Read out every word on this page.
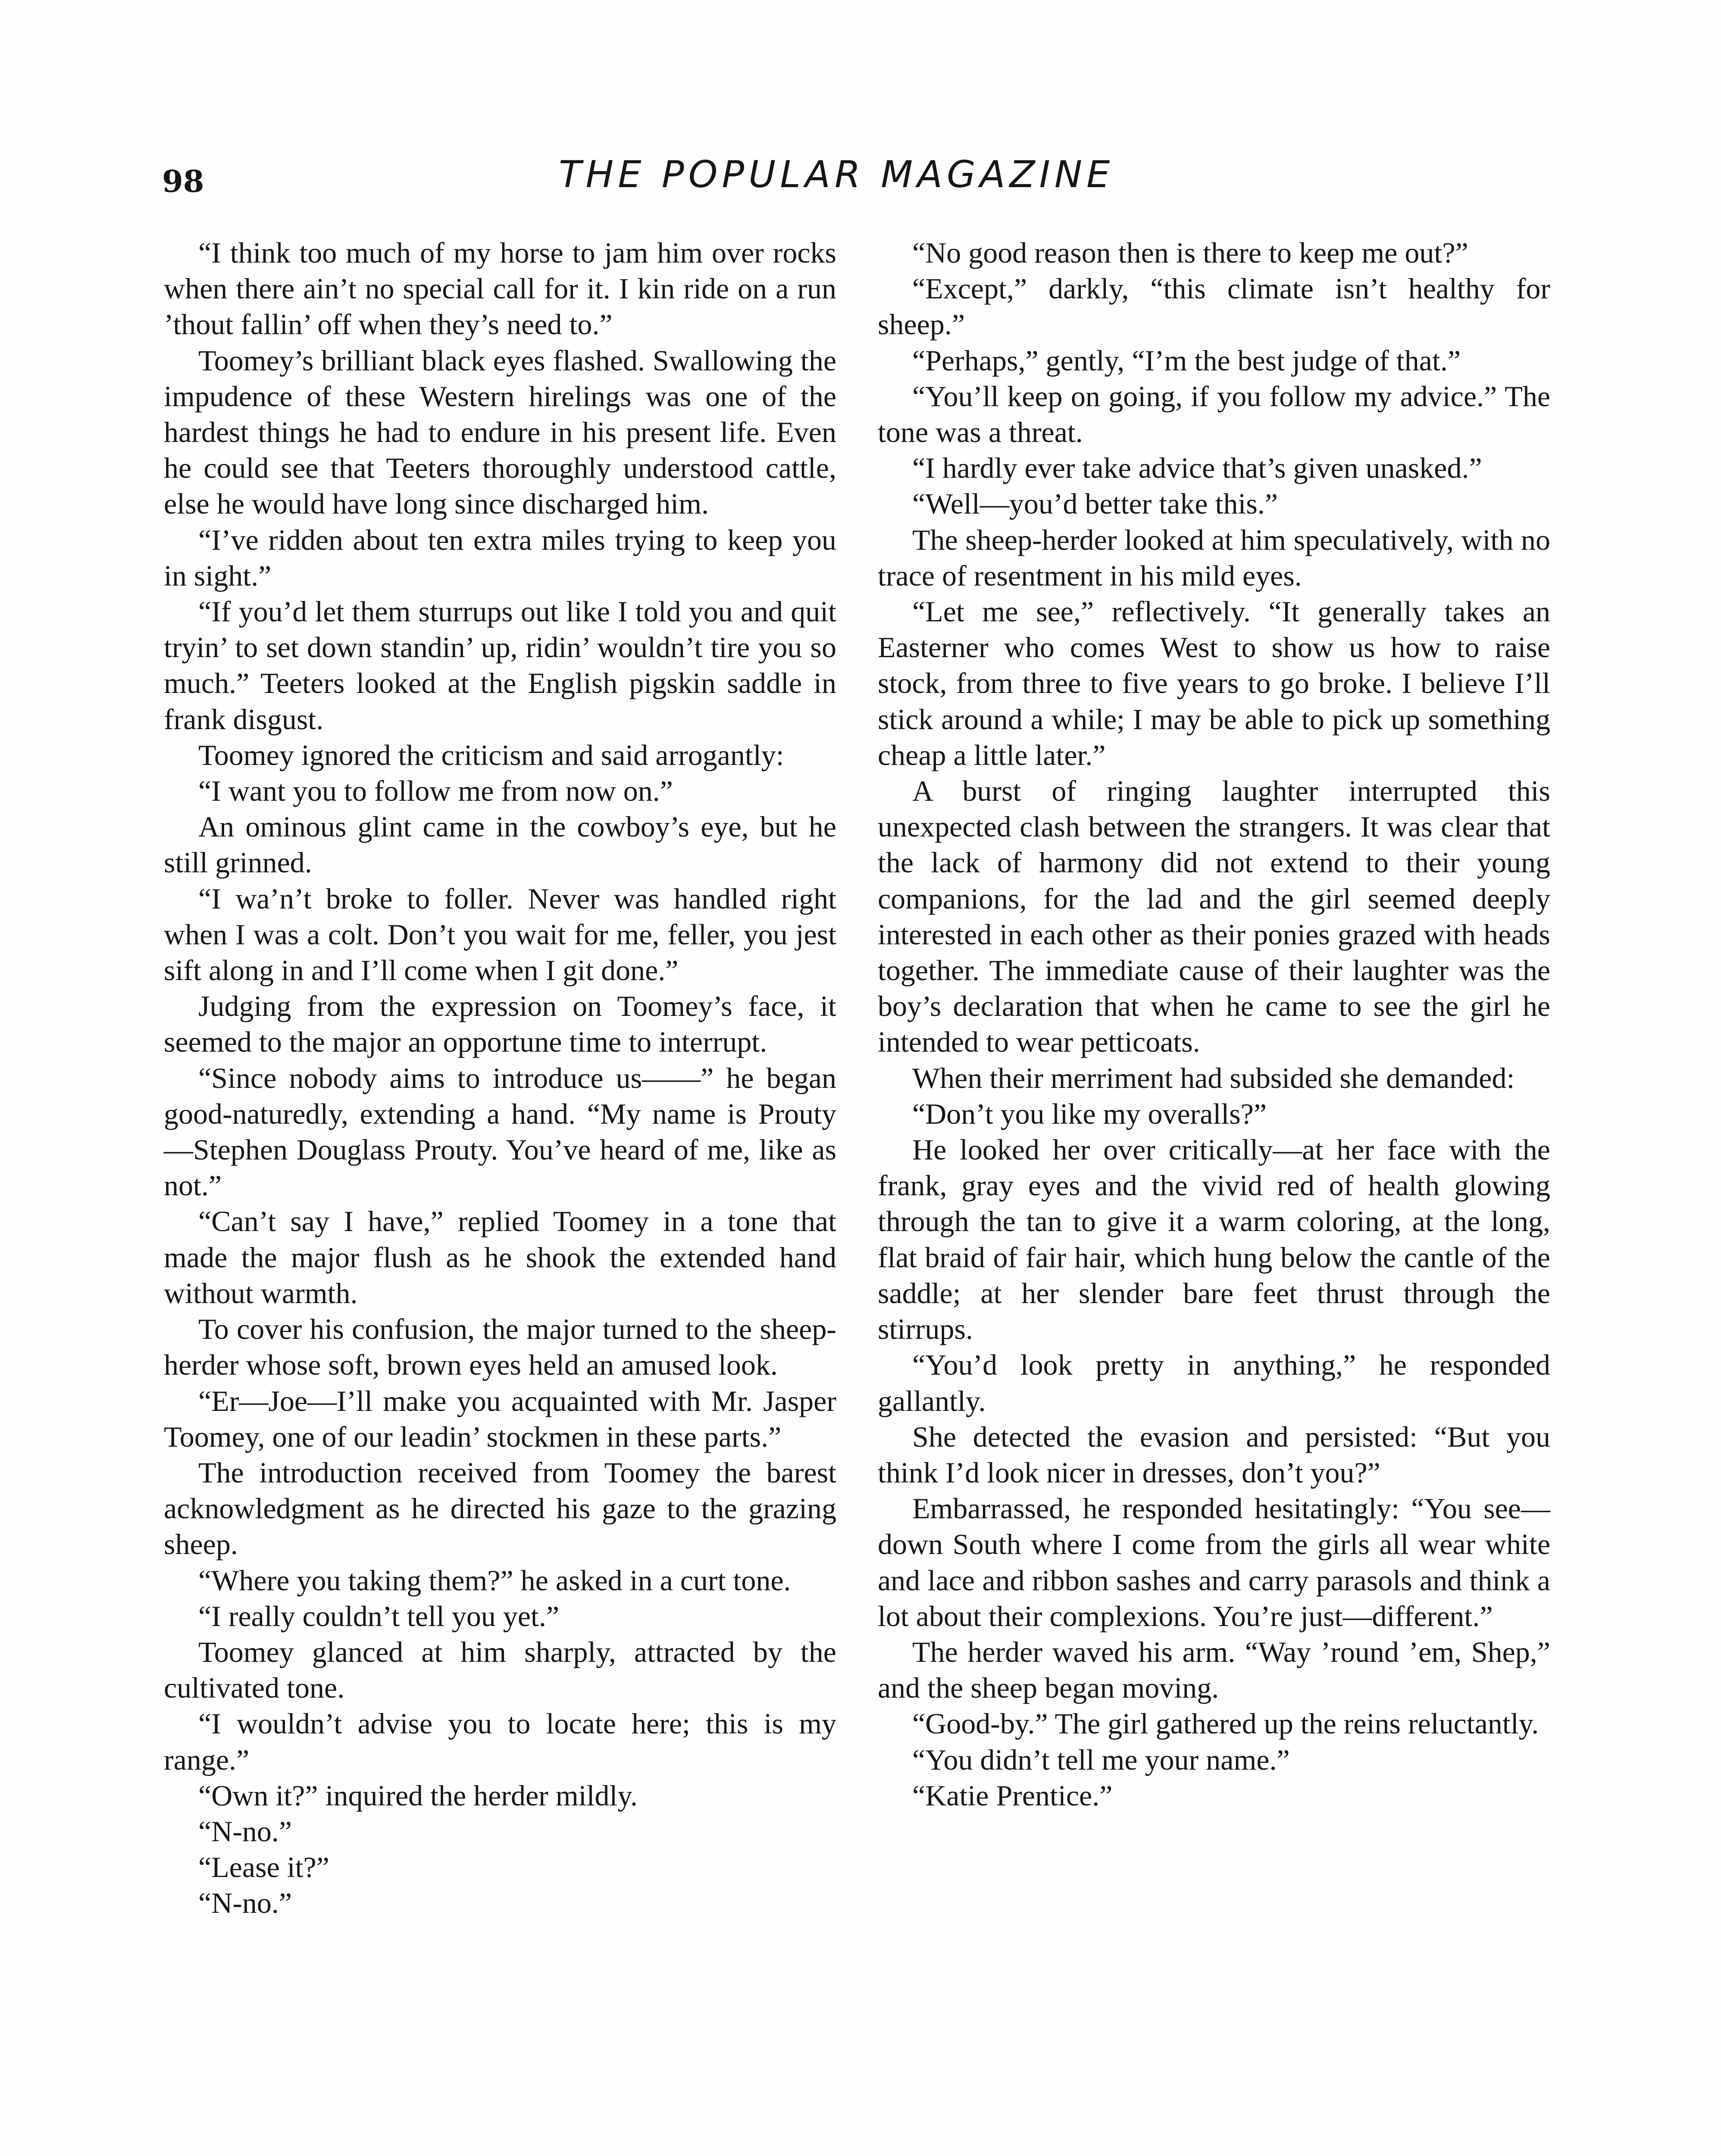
98	THE POPULAR MAGAZINE

“I think too much of my horse to jam him over rocks when there ain’t no special call for it. I kin ride on a run ’thout fallin’ off when they’s need to.”

Toomey’s brilliant black eyes flashed. Swallowing the impudence of these Western hirelings was one of the hardest things he had to endure in his present life. Even he could see that Teeters thoroughly understood cattle, else he would have long since discharged him.

“I’ve ridden about ten extra miles trying to keep you in sight.”

“If you’d let them sturrups out like I told you and quit tryin’ to set down standin’ up, ridin’ wouldn’t tire you so much.” Teeters looked at the English pigskin saddle in frank disgust.

Toomey ignored the criticism and said arrogantly:

“I want you to follow me from now on.”

An ominous glint came in the cowboy’s eye, but he still grinned.

“I wa’n’t broke to foller. Never was handled right when I was a colt. Don’t you wait for me, feller, you jest sift along in and I’ll come when I git done.”

Judging from the expression on Toomey’s face, it seemed to the major an opportune time to interrupt.

“Since nobody aims to introduce us——” he began good-naturedly, extending a hand. “My name is Prouty—Stephen Douglass Prouty. You’ve heard of me, like as not.”

“Can’t say I have,” replied Toomey in a tone that made the major flush as he shook the extended hand without warmth.

To cover his confusion, the major turned to the sheep-herder whose soft, brown eyes held an amused look.

“Er—Joe—I’ll make you acquainted with Mr. Jasper Toomey, one of our leadin’ stockmen in these parts.”

The introduction received from Toomey the barest acknowledgment as he directed his gaze to the grazing sheep.

“Where you taking them?” he asked in a curt tone.

“I really couldn’t tell you yet.”

Toomey glanced at him sharply, attracted by the cultivated tone.

“I wouldn’t advise you to locate here; this is my range.”

“Own it?” inquired the herder mildly.

“N-no.”

“Lease it?”

“N-no.”

“No good reason then is there to keep me out?”

“Except,” darkly, “this climate isn’t healthy for sheep.”

“Perhaps,” gently, “I’m the best judge of that.”

“You’ll keep on going, if you follow my advice.” The tone was a threat.

“I hardly ever take advice that’s given unasked.”

“Well—you’d better take this.”

The sheep-herder looked at him speculatively, with no trace of resentment in his mild eyes.

“Let me see,” reflectively. “It generally takes an Easterner who comes West to show us how to raise stock, from three to five years to go broke. I believe I’ll stick around a while; I may be able to pick up something cheap a little later.”

A burst of ringing laughter interrupted this unexpected clash between the strangers. It was clear that the lack of harmony did not extend to their young companions, for the lad and the girl seemed deeply interested in each other as their ponies grazed with heads together. The immediate cause of their laughter was the boy’s declaration that when he came to see the girl he intended to wear petticoats.

When their merriment had subsided she demanded:

“Don’t you like my overalls?”

He looked her over critically—at her face with the frank, gray eyes and the vivid red of health glowing through the tan to give it a warm coloring, at the long, flat braid of fair hair, which hung below the cantle of the saddle; at her slender bare feet thrust through the stirrups.

“You’d look pretty in anything,” he responded gallantly.

She detected the evasion and persisted: “But you think I’d look nicer in dresses, don’t you?”

Embarrassed, he responded hesitatingly: “You see—down South where I come from the girls all wear white and lace and ribbon sashes and carry parasols and think a lot about their complexions. You’re just—different.”

The herder waved his arm. “Way ’round ’em, Shep,” and the sheep began moving.

“Good-by.” The girl gathered up the reins reluctantly.

“You didn’t tell me your name.”

“Katie Prentice.”
